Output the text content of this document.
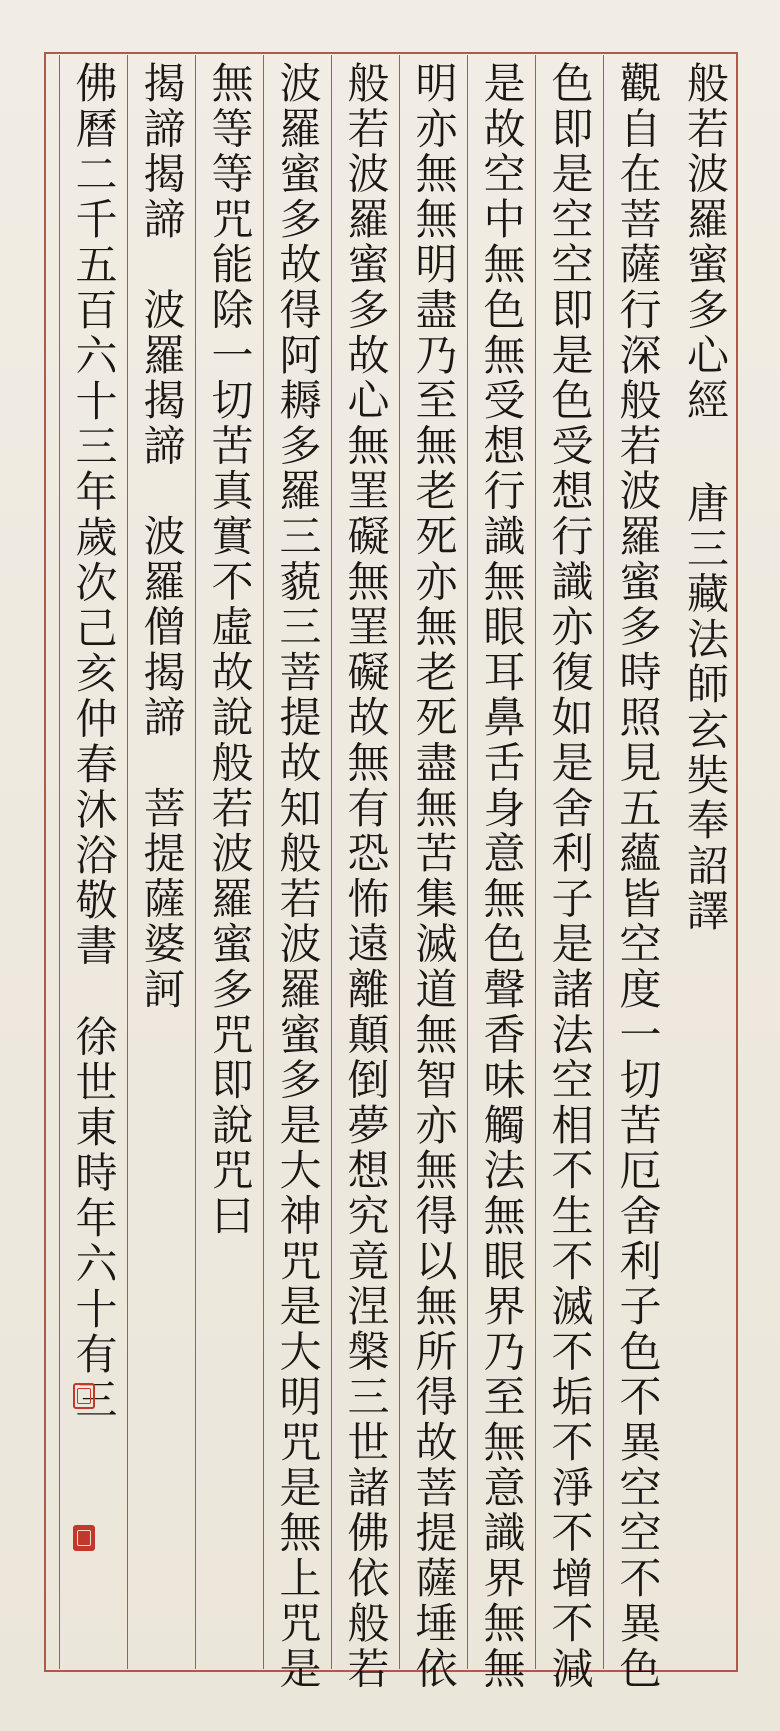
般若波羅蜜多心經
唐三藏法師玄奘奉詔譯
觀自在菩薩行深般若波羅蜜多時照見五蘊皆空度一切苦厄舍利子色不異空空不異色
色即是空空即是色受想行識亦復如是舍利子是諸法空相不生不滅不垢不淨不增不減
是故空中無色無受想行識無眼耳鼻舌身意無色聲香味觸法無眼界乃至無意識界無無
明亦無無明盡乃至無老死亦無老死盡無苦集滅道無智亦無得以無所得故菩提薩埵依
般若波羅蜜多故心無罣礙無罣礙故無有恐怖遠離顛倒夢想究竟涅槃三世諸佛依般若
波羅蜜多故得阿耨多羅三藐三菩提故知般若波羅蜜多是大神咒是大明咒是無上咒是
無等等咒能除一切苦真實不虛故說般若波羅蜜多咒即說咒曰
揭諦揭諦　波羅揭諦　波羅僧揭諦　菩提薩婆訶
佛曆二千五百六十三年歲次己亥仲春沐浴敬書　徐世東時年六十有三
